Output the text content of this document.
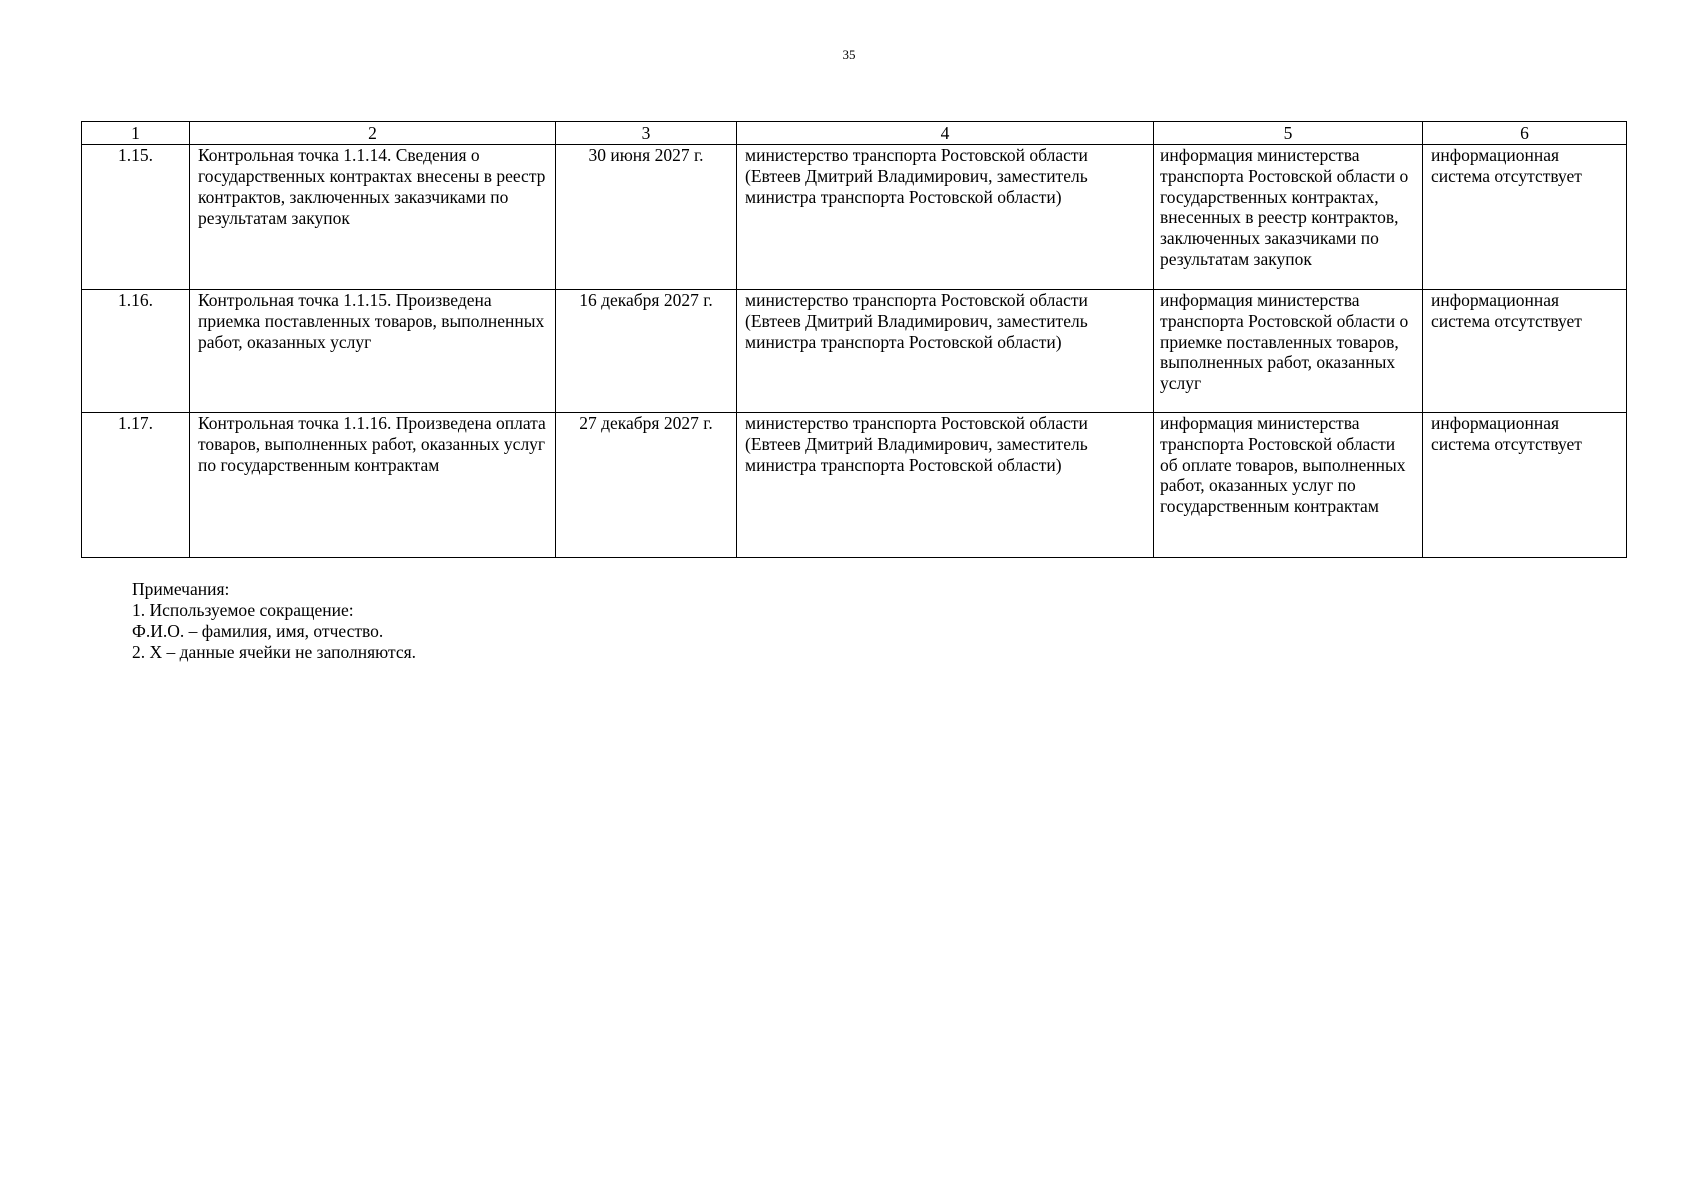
35
1	2	3	4	5	6
1.15.	Контрольная точка 1.1.14. Сведения о государственных контрактах внесены в реестр контрактов, заключенных заказчиками по результатам закупок	30 июня 2027 г.	министерство транспорта Ростовской области (Евтеев Дмитрий Владимирович, заместитель министра транспорта Ростовской области)	информация министерства транспорта Ростовской области о государственных контрактах, внесенных в реестр контрактов, заключенных заказчиками по результатам закупок	информационная система отсутствует
1.16.	Контрольная точка 1.1.15. Произведена приемка поставленных товаров, выполненных работ, оказанных услуг	16 декабря 2027 г.	министерство транспорта Ростовской области (Евтеев Дмитрий Владимирович, заместитель министра транспорта Ростовской области)	информация министерства транспорта Ростовской области о приемке поставленных товаров, выполненных работ, оказанных услуг	информационная система отсутствует
1.17.	Контрольная точка 1.1.16. Произведена оплата товаров, выполненных работ, оказанных услуг по государственным контрактам	27 декабря 2027 г.	министерство транспорта Ростовской области (Евтеев Дмитрий Владимирович, заместитель министра транспорта Ростовской области)	информация министерства транспорта Ростовской области об оплате товаров, выполненных работ, оказанных услуг по государственным контрактам	информационная система отсутствует
Примечания:
1. Используемое сокращение:
Ф.И.О. – фамилия, имя, отчество.
2. X – данные ячейки не заполняются.
